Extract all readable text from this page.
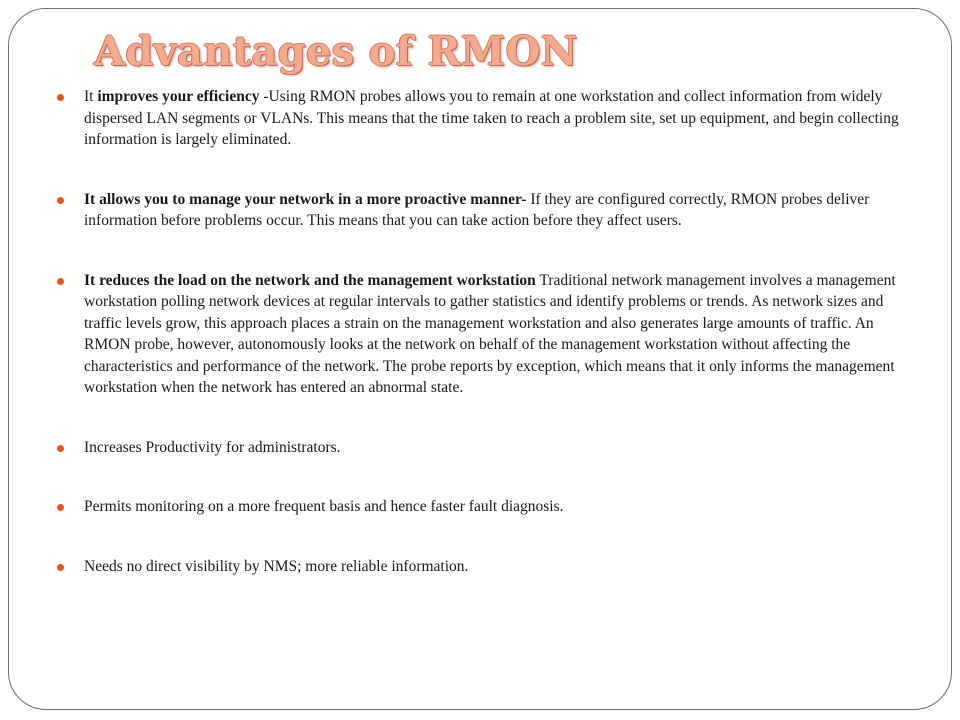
Advantages of RMON
It improves your efficiency -Using RMON probes allows you to remain at one workstation and collect information from widely dispersed LAN segments or VLANs. This means that the time taken to reach a problem site, set up equipment, and begin collecting information is largely eliminated.
It allows you to manage your network in a more proactive manner- If they are configured correctly, RMON probes deliver information before problems occur. This means that you can take action before they affect users.
It reduces the load on the network and the management workstation Traditional network management involves a management workstation polling network devices at regular intervals to gather statistics and identify problems or trends. As network sizes and traffic levels grow, this approach places a strain on the management workstation and also generates large amounts of traffic. An RMON probe, however, autonomously looks at the network on behalf of the management workstation without affecting the characteristics and performance of the network. The probe reports by exception, which means that it only informs the management workstation when the network has entered an abnormal state.
Increases Productivity for administrators.
Permits monitoring on a more frequent basis and hence faster fault diagnosis.
Needs no direct visibility by NMS; more reliable information.
